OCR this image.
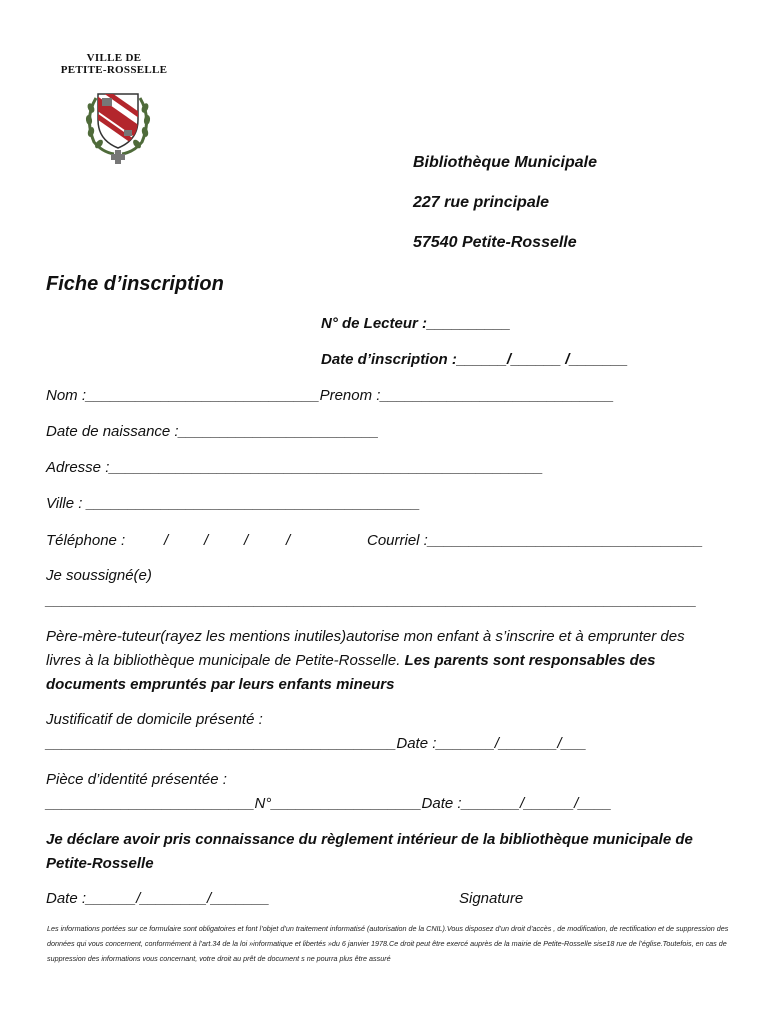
VILLE DE
PETITE-ROSSELLE
Bibliothèque Municipale
227 rue principale
57540 Petite-Rosselle
Fiche d’inscription
N° de Lecteur :__________
Date d’inscription :______/______ /_______
Nom :____________________________Prenom :____________________________
Date de naissance :________________________
Adresse :____________________________________________________
Ville : ________________________________________
Téléphone :	/ / /	/	Courriel :_________________________________
Je soussigné(e)
______________________________________________________________________________
Père-mère-tuteur(rayez les mentions inutiles)autorise mon enfant à s’inscrire et à emprunter des livres à la bibliothèque municipale de Petite-Rosselle. Les parents sont responsables des documents empruntés par leurs enfants mineurs
Justificatif de domicile présenté :
__________________________________________Date :_______/_______/___
Pièce d’identité présentée :
_________________________N°__________________Date :_______/______/____
Je déclare avoir pris connaissance du règlement intérieur de la bibliothèque municipale de Petite-Rosselle
Date :______/________/_______	Signature
Les informations portées sur ce formulaire sont obligatoires et font l’objet d’un traitement informatisé (autorisation de la CNIL).Vous disposez d’un droit d’accès , de modification, de rectification et de suppression des données qui vous concernent, conformément à l’art.34 de la loi »informatique et libertés »du 6 janvier 1978.Ce droit peut être exercé auprès de la mairie de Petite-Rosselle sise18 rue de l’église.Toutefois, en cas de suppression des informations vous concernant, votre droit au prêt de document s ne pourra plus être assuré
